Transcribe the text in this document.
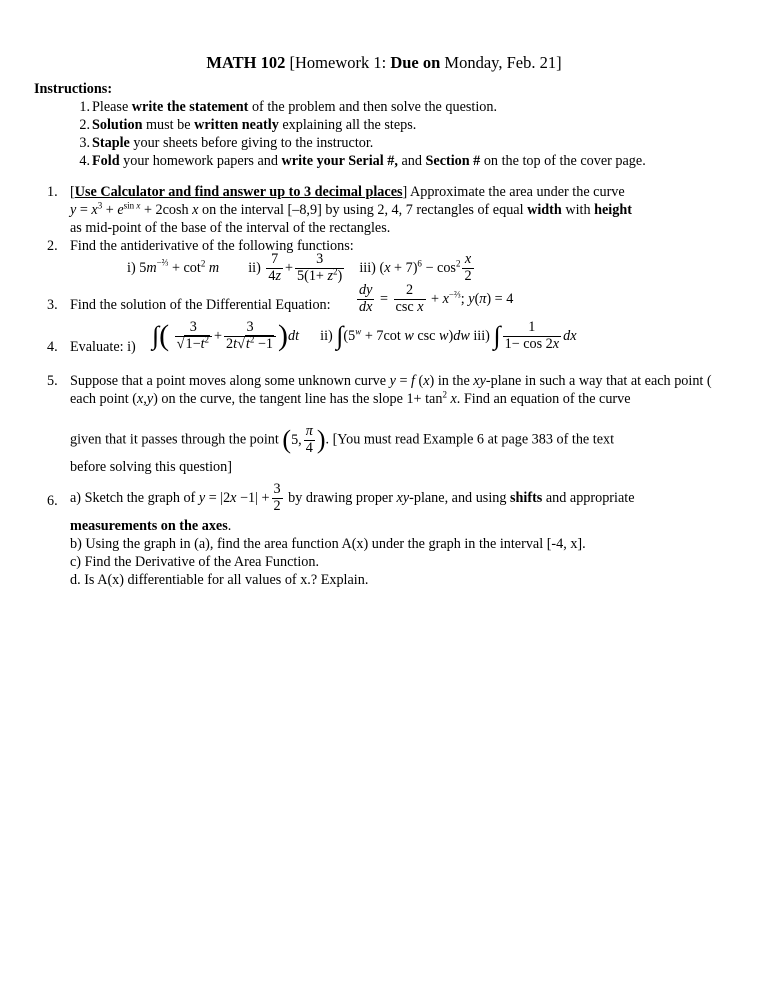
MATH 102 [Homework 1: Due on Monday, Feb. 21]
Instructions:
1. Please write the statement of the problem and then solve the question.
2. Solution must be written neatly explaining all the steps.
3. Staple your sheets before giving to the instructor.
4. Fold your homework papers and write your Serial #, and Section # on the top of the cover page.
1. [Use Calculator and find answer up to 3 decimal places] Approximate the area under the curve
$y = x^3 + e^{sin x} + 2\cosh$ x on the interval [–8,9] by using 2, 4, 7 rectangles of equal width with height
as mid-point of the base of the interval of the rectangles.
2. Find the antiderivative of the following functions:
i) $5m^{-\frac{2}{3}} + \cot^2 m$ $ii) \frac{7}{4z} + \frac{3}{5(1+ z^2)} iii$) $(x + 7)^6 - \cos^2 \frac{x}{2}$
3. Find the solution of the Differential Equation: $\frac{dy}{dx} = \frac{2}{\text{csc x}} + x^{-\frac{2}{3}}$; y(π) = 4
4. Evaluate: i) ∫( $\frac{3}{√1-t^2} + \frac{3}{2t√t^2 -1} )dt$ ii) $\int(5^w + 7\cot$ w csc w)dw iii) ∫ $\frac{1}{1- \cos 2x}$ dx
5. Suppose that a point moves along some unknown curve y = f (x) in the xy-plane in such a way that at each point (
each point (x,y) on the curve, the tangent line has the slope $1+ \tan^2 x$. Find an equation of the curve
given that it passes through the point (5, $\frac{\pi}{4}$ ). [You must read Example 6 at page 383 of the text
before solving this question]
6. a) Sketch the graph of $y = |2x -1| + \frac{3}{2}$ by drawing proper xy-plane, and using shifts and appropriate
measurements on the axes.
b) Using the graph in (a), find the area function A(x) under the graph in the interval [-4, x].
c) Find the Derivative of the Area Function.
d. Is A(x) differentiable for all values of x.? Explain.
